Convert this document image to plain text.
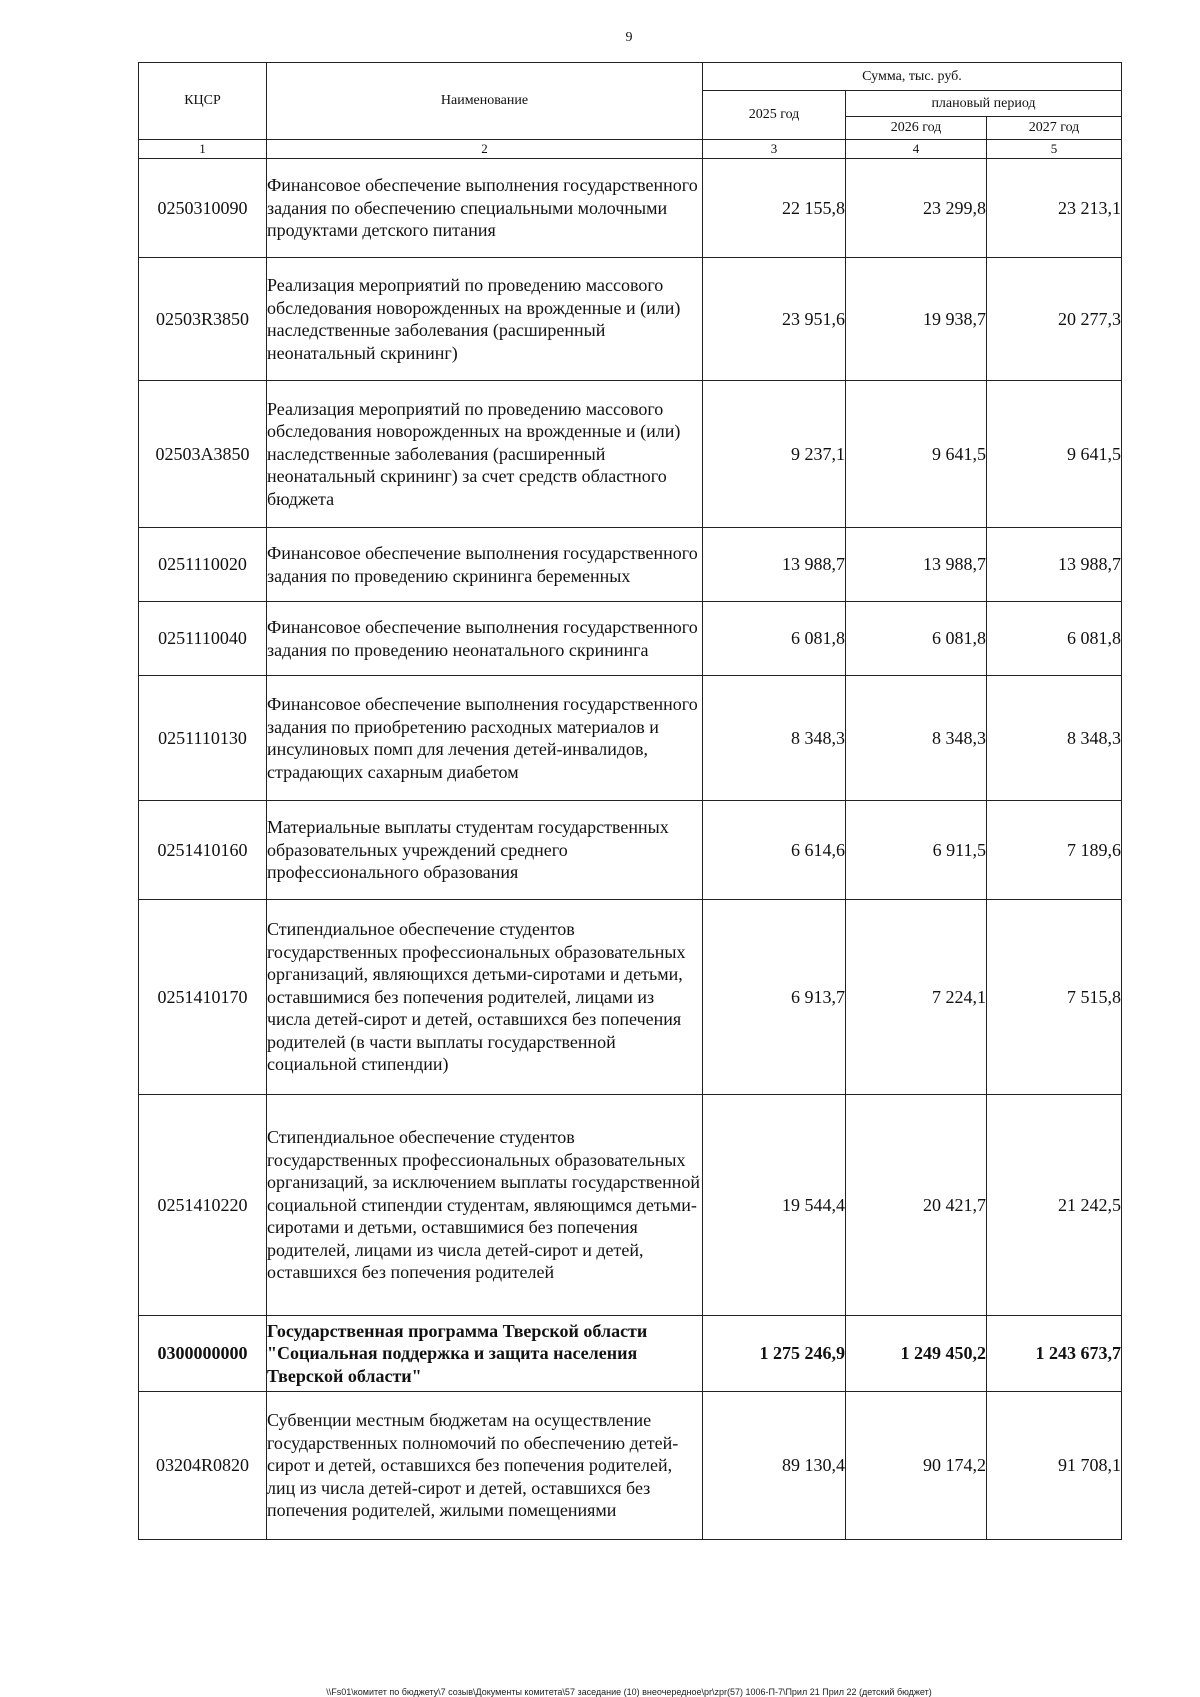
9
КЦСР	Наименование	Сумма, тыс. руб.		
		2025 год	плановый период	
			2026 год	2027 год
1	2	3	4	5
0250310090	Финансовое обеспечение выполнения государственного задания по обеспечению специальными молочными продуктами детского питания	22 155,8	23 299,8	23 213,1
02503R3850	Реализация мероприятий по проведению массового обследования новорожденных на врожденные и (или) наследственные заболевания (расширенный неонатальный скрининг)	23 951,6	19 938,7	20 277,3
02503A3850	Реализация мероприятий по проведению массового обследования новорожденных на врожденные и (или) наследственные заболевания (расширенный неонатальный скрининг) за счет средств областного бюджета	9 237,1	9 641,5	9 641,5
0251110020	Финансовое обеспечение выполнения государственного задания по проведению скрининга беременных	13 988,7	13 988,7	13 988,7
0251110040	Финансовое обеспечение выполнения государственного задания по проведению неонатального скрининга	6 081,8	6 081,8	6 081,8
0251110130	Финансовое обеспечение выполнения государственного задания по приобретению расходных материалов и инсулиновых помп для лечения детей-инвалидов, страдающих сахарным диабетом	8 348,3	8 348,3	8 348,3
0251410160	Материальные выплаты студентам государственных образовательных учреждений среднего профессионального образования	6 614,6	6 911,5	7 189,6
0251410170	Стипендиальное обеспечение студентов государственных профессиональных образовательных организаций, являющихся детьми-сиротами и детьми, оставшимися без попечения родителей, лицами из числа детей-сирот и детей, оставшихся без попечения родителей (в части выплаты государственной социальной стипендии)	6 913,7	7 224,1	7 515,8
0251410220	Стипендиальное обеспечение студентов государственных профессиональных образовательных организаций, за исключением выплаты государственной социальной стипендии студентам, являющимся детьми-сиротами и детьми, оставшимися без попечения родителей, лицами из числа детей-сирот и детей, оставшихся без попечения родителей	19 544,4	20 421,7	21 242,5
0300000000	Государственная программа Тверской области "Социальная поддержка и защита населения Тверской области"	1 275 246,9	1 249 450,2	1 243 673,7
03204R0820	Субвенции местным бюджетам на осуществление государственных полномочий по обеспечению детей-сирот и детей, оставшихся без попечения родителей, лиц из числа детей-сирот и детей, оставшихся без попечения родителей, жилыми помещениями	89 130,4	90 174,2	91 708,1
\\Fs01\комитет по бюджету\7 созыв\Документы комитета\57 заседание (10) внеочередное\pr\zpr(57) 1006-П-7\Прил 21 Прил 22 (детский бюджет)
